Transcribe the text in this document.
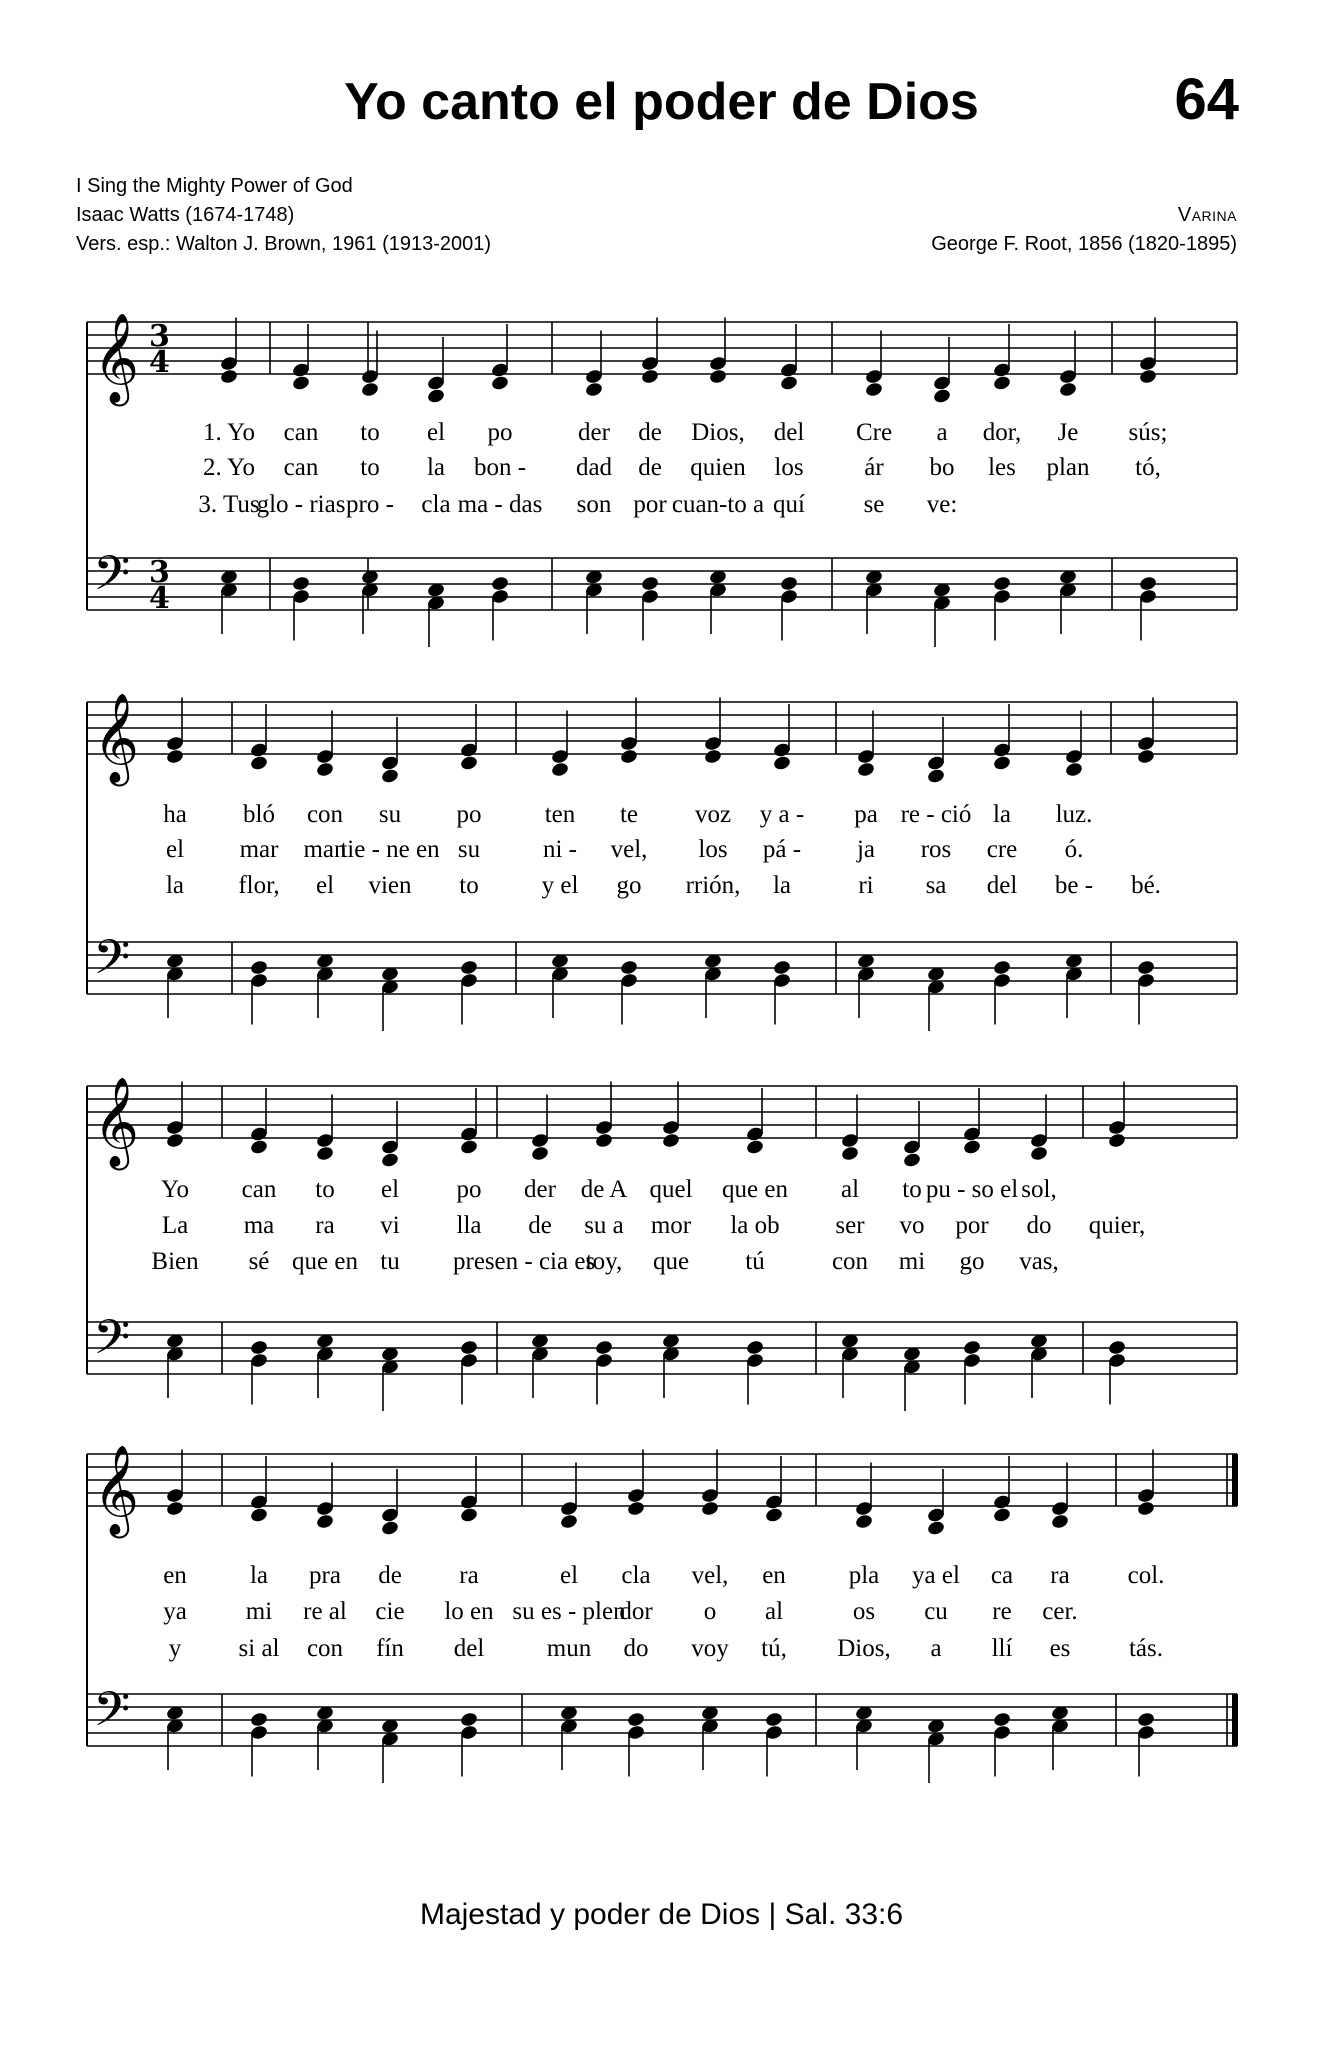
Yo canto el poder de Dios	64
I Sing the Mighty Power of God
Isaac Watts (1674-1748)
Vers. esp.: Walton J. Brown, 1961 (1913-2001)
Varina
George F. Root, 1856 (1820-1895)
𝄞
𝄢
3
4
3
4
1. Yo can to el po	der de Dios, del Cre a dor, Je sús;
2. Yo can to la bon - dad de quien los ár bo les plan tó,
3. Tus
glo - rias pro - cla ma - das son por cuan-to a quí se ve:
𝄞
𝄢
ha bló con su po	ten te voz y a - pa re - ció la luz.
el mar man
tie - ne en su	ni - vel, los pá - ja ros cre ó.
la flor, el vien to	y el go rrión, la	ri sa del be - bé.
𝄞
𝄢
Yo can to el po der de A quel que en al to pu - so el sol,
La ma ra vi lla de su a mor la ob ser vo por do quier,
Bien sé que en tu pre sen - cia es
toy, que tú	con mi go vas,
𝄞
𝄢
en	la pra de ra	el cla vel, en	pla ya el ca ra col.
ya mi re al cie lo en su es - plen
dor o al	os cu re cer.
y si al con fín del	mun do voy tú, Dios, a llí es tás.
Majestad y poder de Dios | Sal. 33:6
